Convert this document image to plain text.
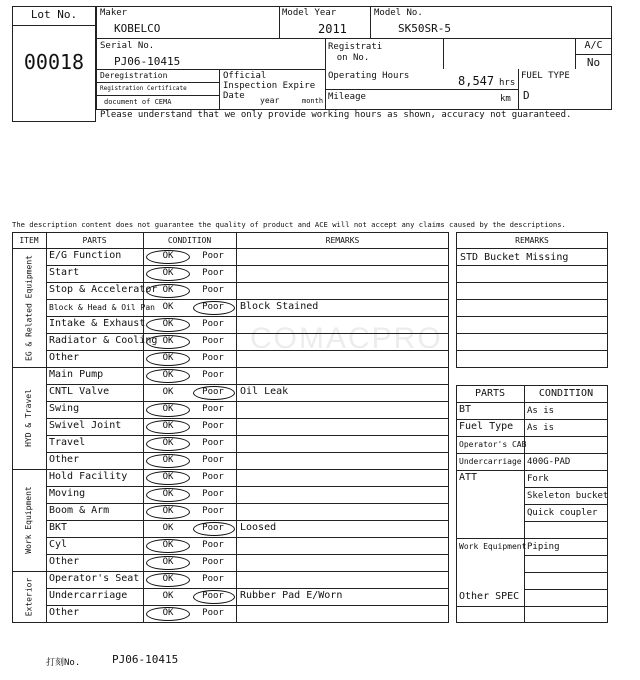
Lot No.
00018
Maker
KOBELCO
Model Year
2011
Model No.
SK50SR-5
Serial No.
PJ06-10415
Registrati on No.
A/C
No
Deregistration
Registration Certificate
document of CEMA
Official Inspection Expire Date	year	month
Operating Hours	8,547 hrs
Mileage	km
FUEL TYPE
D
Please understand that we only provide working hours as shown, accuracy not guaranteed.
The description content does not guarantee the quality of product and ACE will not accept any claims caused by the descriptions.
COMACPRO
ITEM	PARTS	CONDITION	REMARKS
E/G Function	OK	Poor
Start	OK	Poor
Stop & Accelerator OK	Poor
Block & Head & Oil Pan OK	Poor	Block Stained
Intake & Exhaust	OK	Poor
Radiator & Cooling OK	Poor
Other	OK	Poor
EG & Related Equipment
Main Pump	OK	Poor
CNTL Valve	OK	Poor	Oil Leak
Swing	OK	Poor
Swivel Joint	OK	Poor
Travel	OK	Poor
Other	OK	Poor
HYD & Travel
Hold Facility	OK	Poor
Moving	OK	Poor
Boom & Arm	OK	Poor
BKT	OK	Poor	Loosed
Cyl	OK	Poor
Other	OK	Poor
Work Equipment
Operator's Seat	OK	Poor
Undercarriage	OK	Poor	Rubber Pad E/Worn
Other	OK	Poor
Exterior
REMARKS
STD Bucket Missing
PARTS	CONDITION
BT	As is
Fuel Type As is
Operator's CAB
Undercarriage 400G-PAD
ATT	Fork
Skeleton bucket
Quick coupler
Work Equipment Piping
Other SPEC
打刻No.	PJ06-10415
